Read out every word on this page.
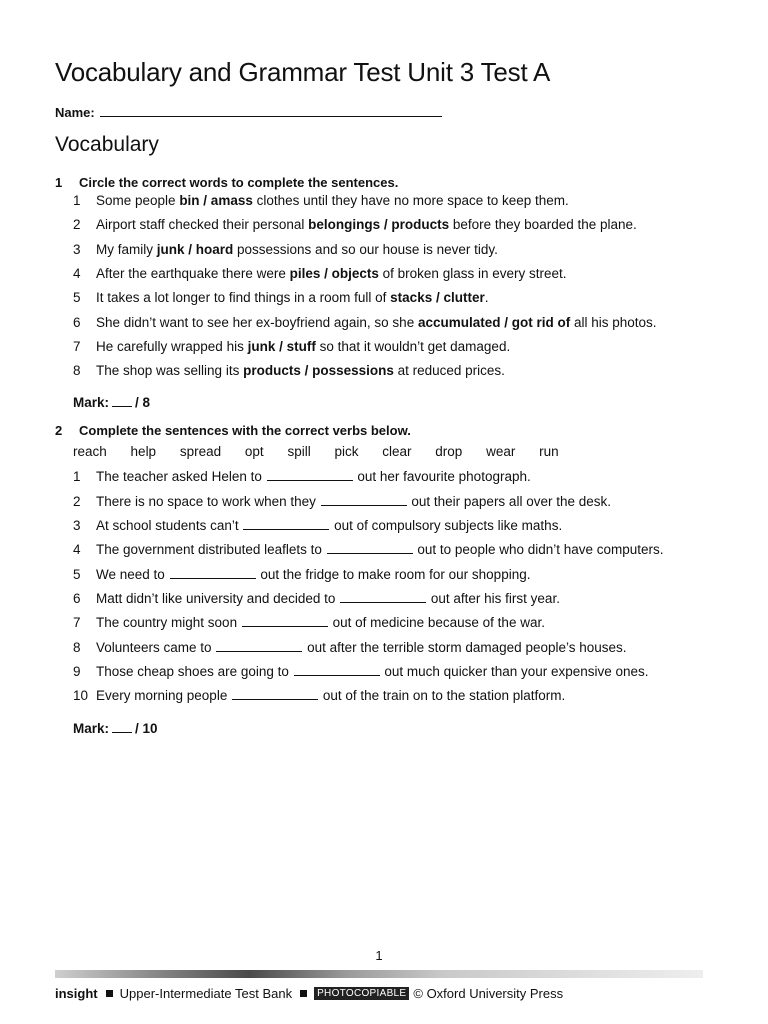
Vocabulary and Grammar Test Unit 3 Test A
Name:
Vocabulary
1 Circle the correct words to complete the sentences.
1 Some people bin / amass clothes until they have no more space to keep them.
2 Airport staff checked their personal belongings / products before they boarded the plane.
3 My family junk / hoard possessions and so our house is never tidy.
4 After the earthquake there were piles / objects of broken glass in every street.
5 It takes a lot longer to find things in a room full of stacks / clutter.
6 She didn’t want to see her ex-boyfriend again, so she accumulated / got rid of all his photos.
7 He carefully wrapped his junk / stuff so that it wouldn’t get damaged.
8 The shop was selling its products / possessions at reduced prices.
Mark: / 8
2 Complete the sentences with the correct verbs below.
reach help spread opt spill pick clear drop wear run
1 The teacher asked Helen to	out her favourite photograph.
2 There is no space to work when they	out their papers all over the desk.
3 At school students can’t	out of compulsory subjects like maths.
4 The government distributed leaflets to	out to people who didn’t have computers.
5 We need to	out the fridge to make room for our shopping.
6 Matt didn’t like university and decided to	out after his first year.
7 The country might soon	out of medicine because of the war.
8 Volunteers came to	out after the terrible storm damaged people’s houses.
9 Those cheap shoes are going to	out much quicker than your expensive ones.
10 Every morning people	out of the train on to the station platform.
Mark: / 10
1
insight Upper-Intermediate Test Bank	PHOTOCOPIABLE © Oxford University Press
